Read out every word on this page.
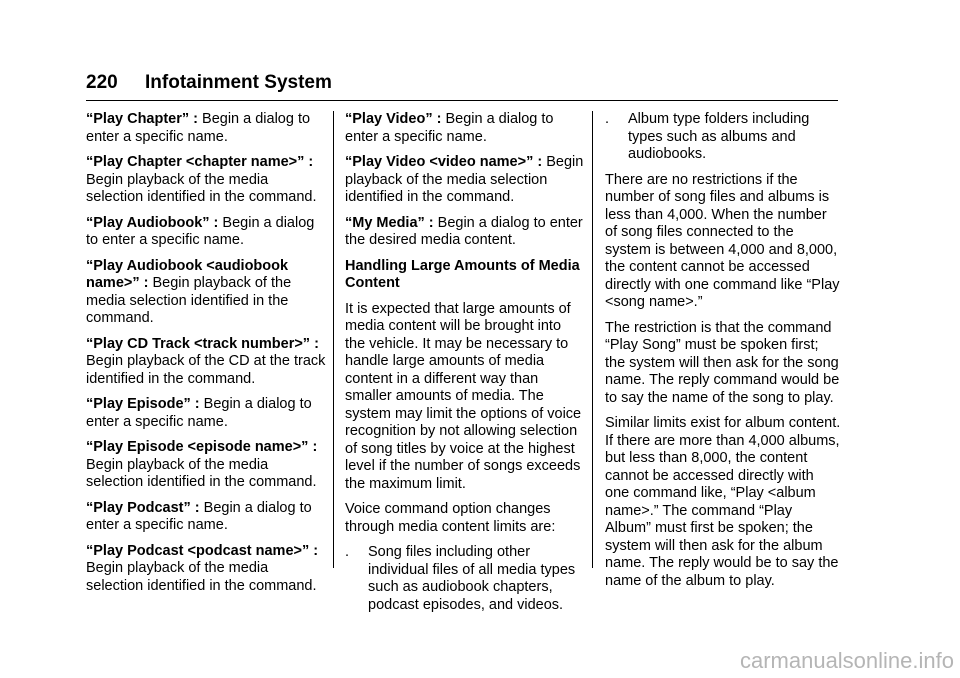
220 Infotainment System

“Play Chapter” : Begin a dialog to enter a specific name.

“Play Chapter <chapter name>” : Begin playback of the media selection identified in the command.

“Play Audiobook” : Begin a dialog to enter a specific name.

“Play Audiobook <audiobook name>” : Begin playback of the media selection identified in the command.

“Play CD Track <track number>” : Begin playback of the CD at the track identified in the command.

“Play Episode” : Begin a dialog to enter a specific name.

“Play Episode <episode name>” : Begin playback of the media selection identified in the command.

“Play Podcast” : Begin a dialog to enter a specific name.

“Play Podcast <podcast name>” : Begin playback of the media selection identified in the command.

“Play Video” : Begin a dialog to enter a specific name.

“Play Video <video name>” : Begin playback of the media selection identified in the command.

“My Media” : Begin a dialog to enter the desired media content.

Handling Large Amounts of Media Content

It is expected that large amounts of media content will be brought into the vehicle. It may be necessary to handle large amounts of media content in a different way than smaller amounts of media. The system may limit the options of voice recognition by not allowing selection of song titles by voice at the highest level if the number of songs exceeds the maximum limit.

Voice command option changes through media content limits are:

. Song files including other individual files of all media types such as audiobook chapters, podcast episodes, and videos.
. Album type folders including types such as albums and audiobooks.

There are no restrictions if the number of song files and albums is less than 4,000. When the number of song files connected to the system is between 4,000 and 8,000, the content cannot be accessed directly with one command like “Play <song name>.”

The restriction is that the command “Play Song” must be spoken first; the system will then ask for the song name. The reply command would be to say the name of the song to play.

Similar limits exist for album content. If there are more than 4,000 albums, but less than 8,000, the content cannot be accessed directly with one command like, “Play <album name>.” The command “Play Album” must first be spoken; the system will then ask for the album name. The reply would be to say the name of the album to play.

carmanualsonline.info
